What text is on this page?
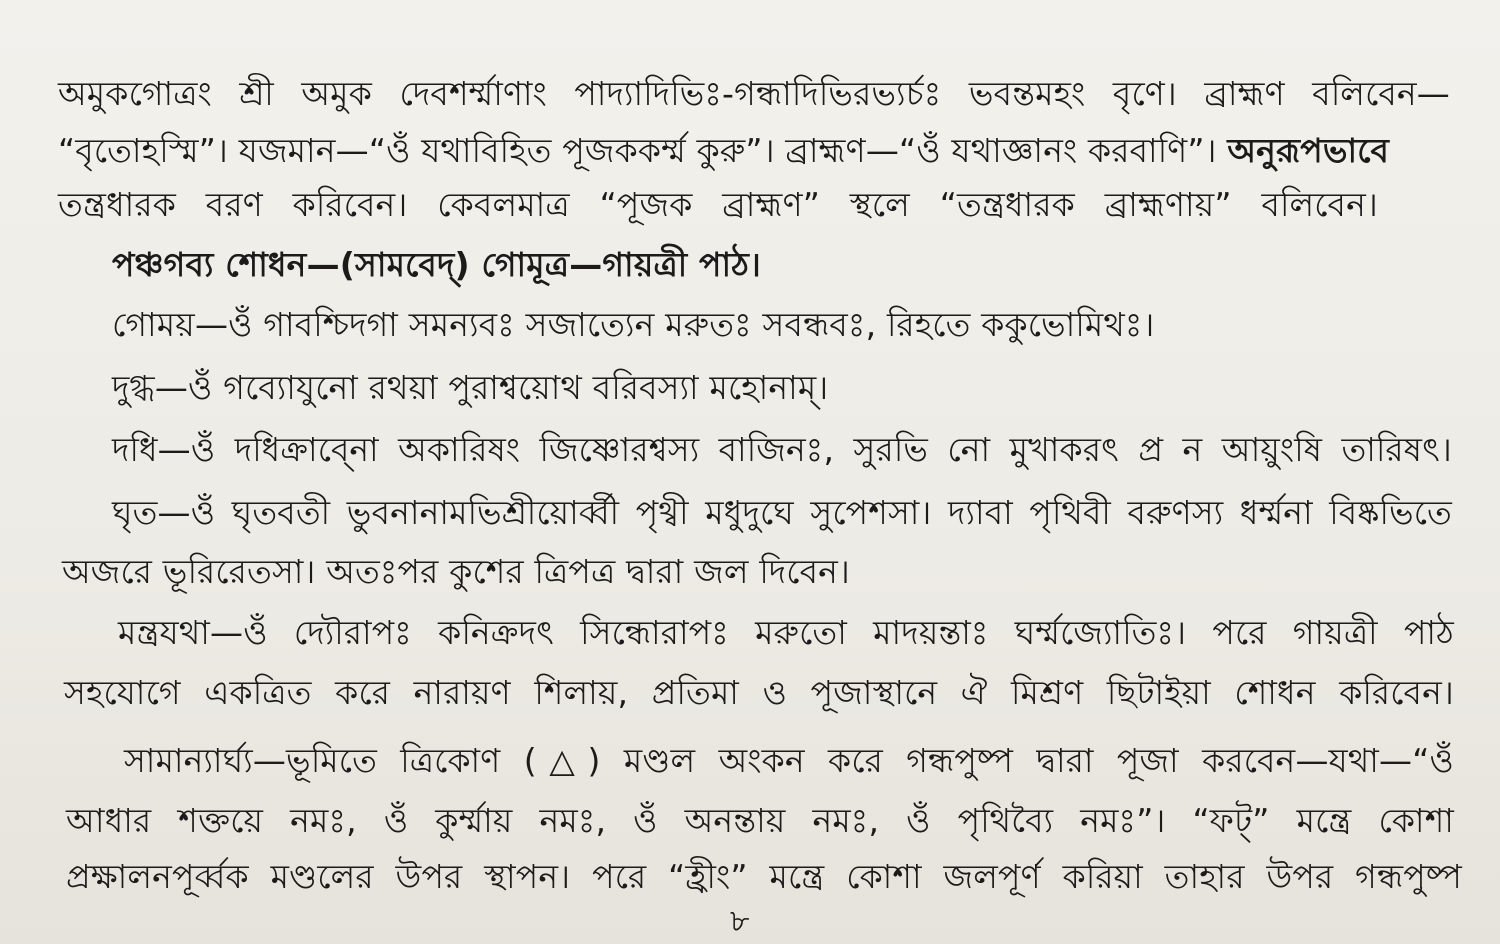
অমুকগোত্রং শ্রী অমুক দেবশর্ম্মাণাং পাদ্যাদিভিঃ-গন্ধাদিভিরভ্যর্চঃ ভবন্তমহং বৃণে। ব্রাহ্মণ বলিবেন—
“বৃতোহস্মি”। যজমান—“ওঁ যথাবিহিত পূজককর্ম্ম কুরু”। ব্রাহ্মণ—“ওঁ যথাজ্ঞানং করবাণি”। অনুরূপভাবে
তন্ত্রধারক বরণ করিবেন। কেবলমাত্র “পূজক ব্রাহ্মণ” স্থলে “তন্ত্রধারক ব্রাহ্মণায়” বলিবেন।
পঞ্চগব্য শোধন—(সামবেদ্) গোমূত্র—গায়ত্রী পাঠ।
গোময়—ওঁ গাবশ্চিদগা সমন্যবঃ সজাত্যেন মরুতঃ সবন্ধবঃ, রিহতে ককুভোমিথঃ।
দুগ্ধ—ওঁ গব্যোযুনো রথয়া পুরাশ্বয়োথ বরিবস্যা মহোনাম্।
দধি—ওঁ দধিক্রাব্নো অকারিষং জিষ্ণোরশ্বস্য বাজিনঃ, সুরভি নো মুখাকরৎ প্র ন আয়ুংষি তারিষৎ।
ঘৃত—ওঁ ঘৃতবতী ভুবনানামভিশ্রীয়োর্ব্বী পৃথ্বী মধুদুঘে সুপেশসা। দ্যাবা পৃথিবী বরুণস্য ধর্ম্মনা বিষ্কভিতে
অজরে ভূরিরেতসা। অতঃপর কুশের ত্রিপত্র দ্বারা জল দিবেন।
মন্ত্রযথা—ওঁ দ্যৌরাপঃ কনিক্রদৎ সিন্ধোরাপঃ মরুতো মাদয়ন্তাঃ ঘর্ম্মজ্যোতিঃ। পরে গায়ত্রী পাঠ
সহযোগে একত্রিত করে নারায়ণ শিলায়, প্রতিমা ও পূজাস্থানে ঐ মিশ্রণ ছিটাইয়া শোধন করিবেন।
সামান্যার্ঘ্য—ভূমিতে ত্রিকোণ (△) মণ্ডল অংকন করে গন্ধপুষ্প দ্বারা পূজা করবেন—যথা—“ওঁ
আধার শক্তয়ে নমঃ, ওঁ কুর্ম্মায় নমঃ, ওঁ অনন্তায় নমঃ, ওঁ পৃথিব্যৈ নমঃ”। “ফট্” মন্ত্রে কোশা
প্রক্ষালনপূর্ব্বক মণ্ডলের উপর স্থাপন। পরে “হ্রীং” মন্ত্রে কোশা জলপূর্ণ করিয়া তাহার উপর গন্ধপুষ্প
৮
